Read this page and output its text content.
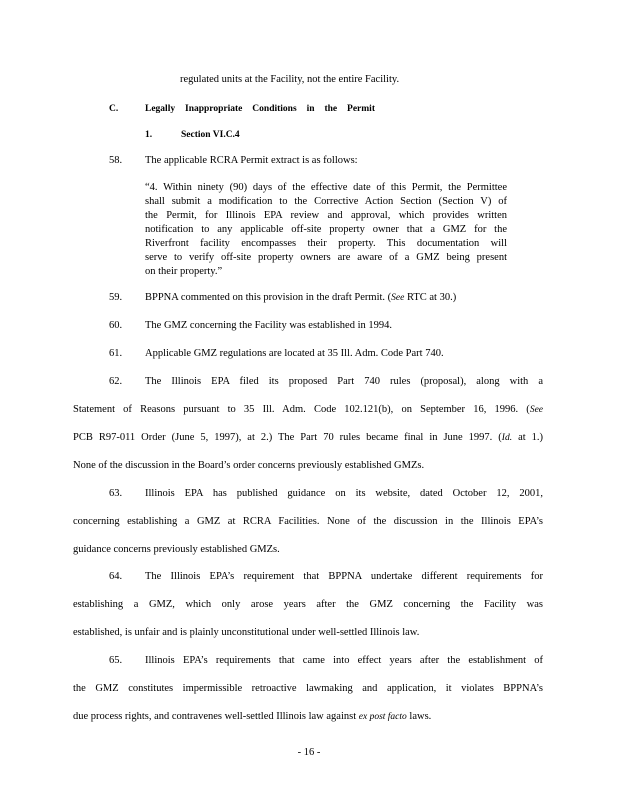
regulated units at the Facility, not the entire Facility.
C.	Legally Inappropriate Conditions in the Permit
1.	Section VI.C.4
58. The applicable RCRA Permit extract is as follows:
“4. Within ninety (90) days of the effective date of this Permit, the Permittee
shall submit a modification to the Corrective Action Section (Section V) of
the Permit, for Illinois EPA review and approval, which provides written
notification to any applicable off-site property owner that a GMZ for the
Riverfront facility encompasses their property. This documentation will
serve to verify off-site property owners are aware of a GMZ being present
on their property.”
59. BPPNA commented on this provision in the draft Permit. (See RTC at 30.)
60. The GMZ concerning the Facility was established in 1994.
61. Applicable GMZ regulations are located at 35 Ill. Adm. Code Part 740.
62. The Illinois EPA filed its proposed Part 740 rules (proposal), along with a
Statement of Reasons pursuant to 35 Ill. Adm. Code 102.121(b), on September 16, 1996. (See
PCB R97-011 Order (June 5, 1997), at 2.) The Part 70 rules became final in June 1997. (Id. at 1.)
None of the discussion in the Board’s order concerns previously established GMZs.
63. Illinois EPA has published guidance on its website, dated October 12, 2001,
concerning establishing a GMZ at RCRA Facilities. None of the discussion in the Illinois EPA’s
guidance concerns previously established GMZs.
64. The Illinois EPA’s requirement that BPPNA undertake different requirements for
establishing a GMZ, which only arose years after the GMZ concerning the Facility was
established, is unfair and is plainly unconstitutional under well-settled Illinois law.
65. Illinois EPA’s requirements that came into effect years after the establishment of
the GMZ constitutes impermissible retroactive lawmaking and application, it violates BPPNA’s
due process rights, and contravenes well-settled Illinois law against ex post facto laws.
- 16 -
